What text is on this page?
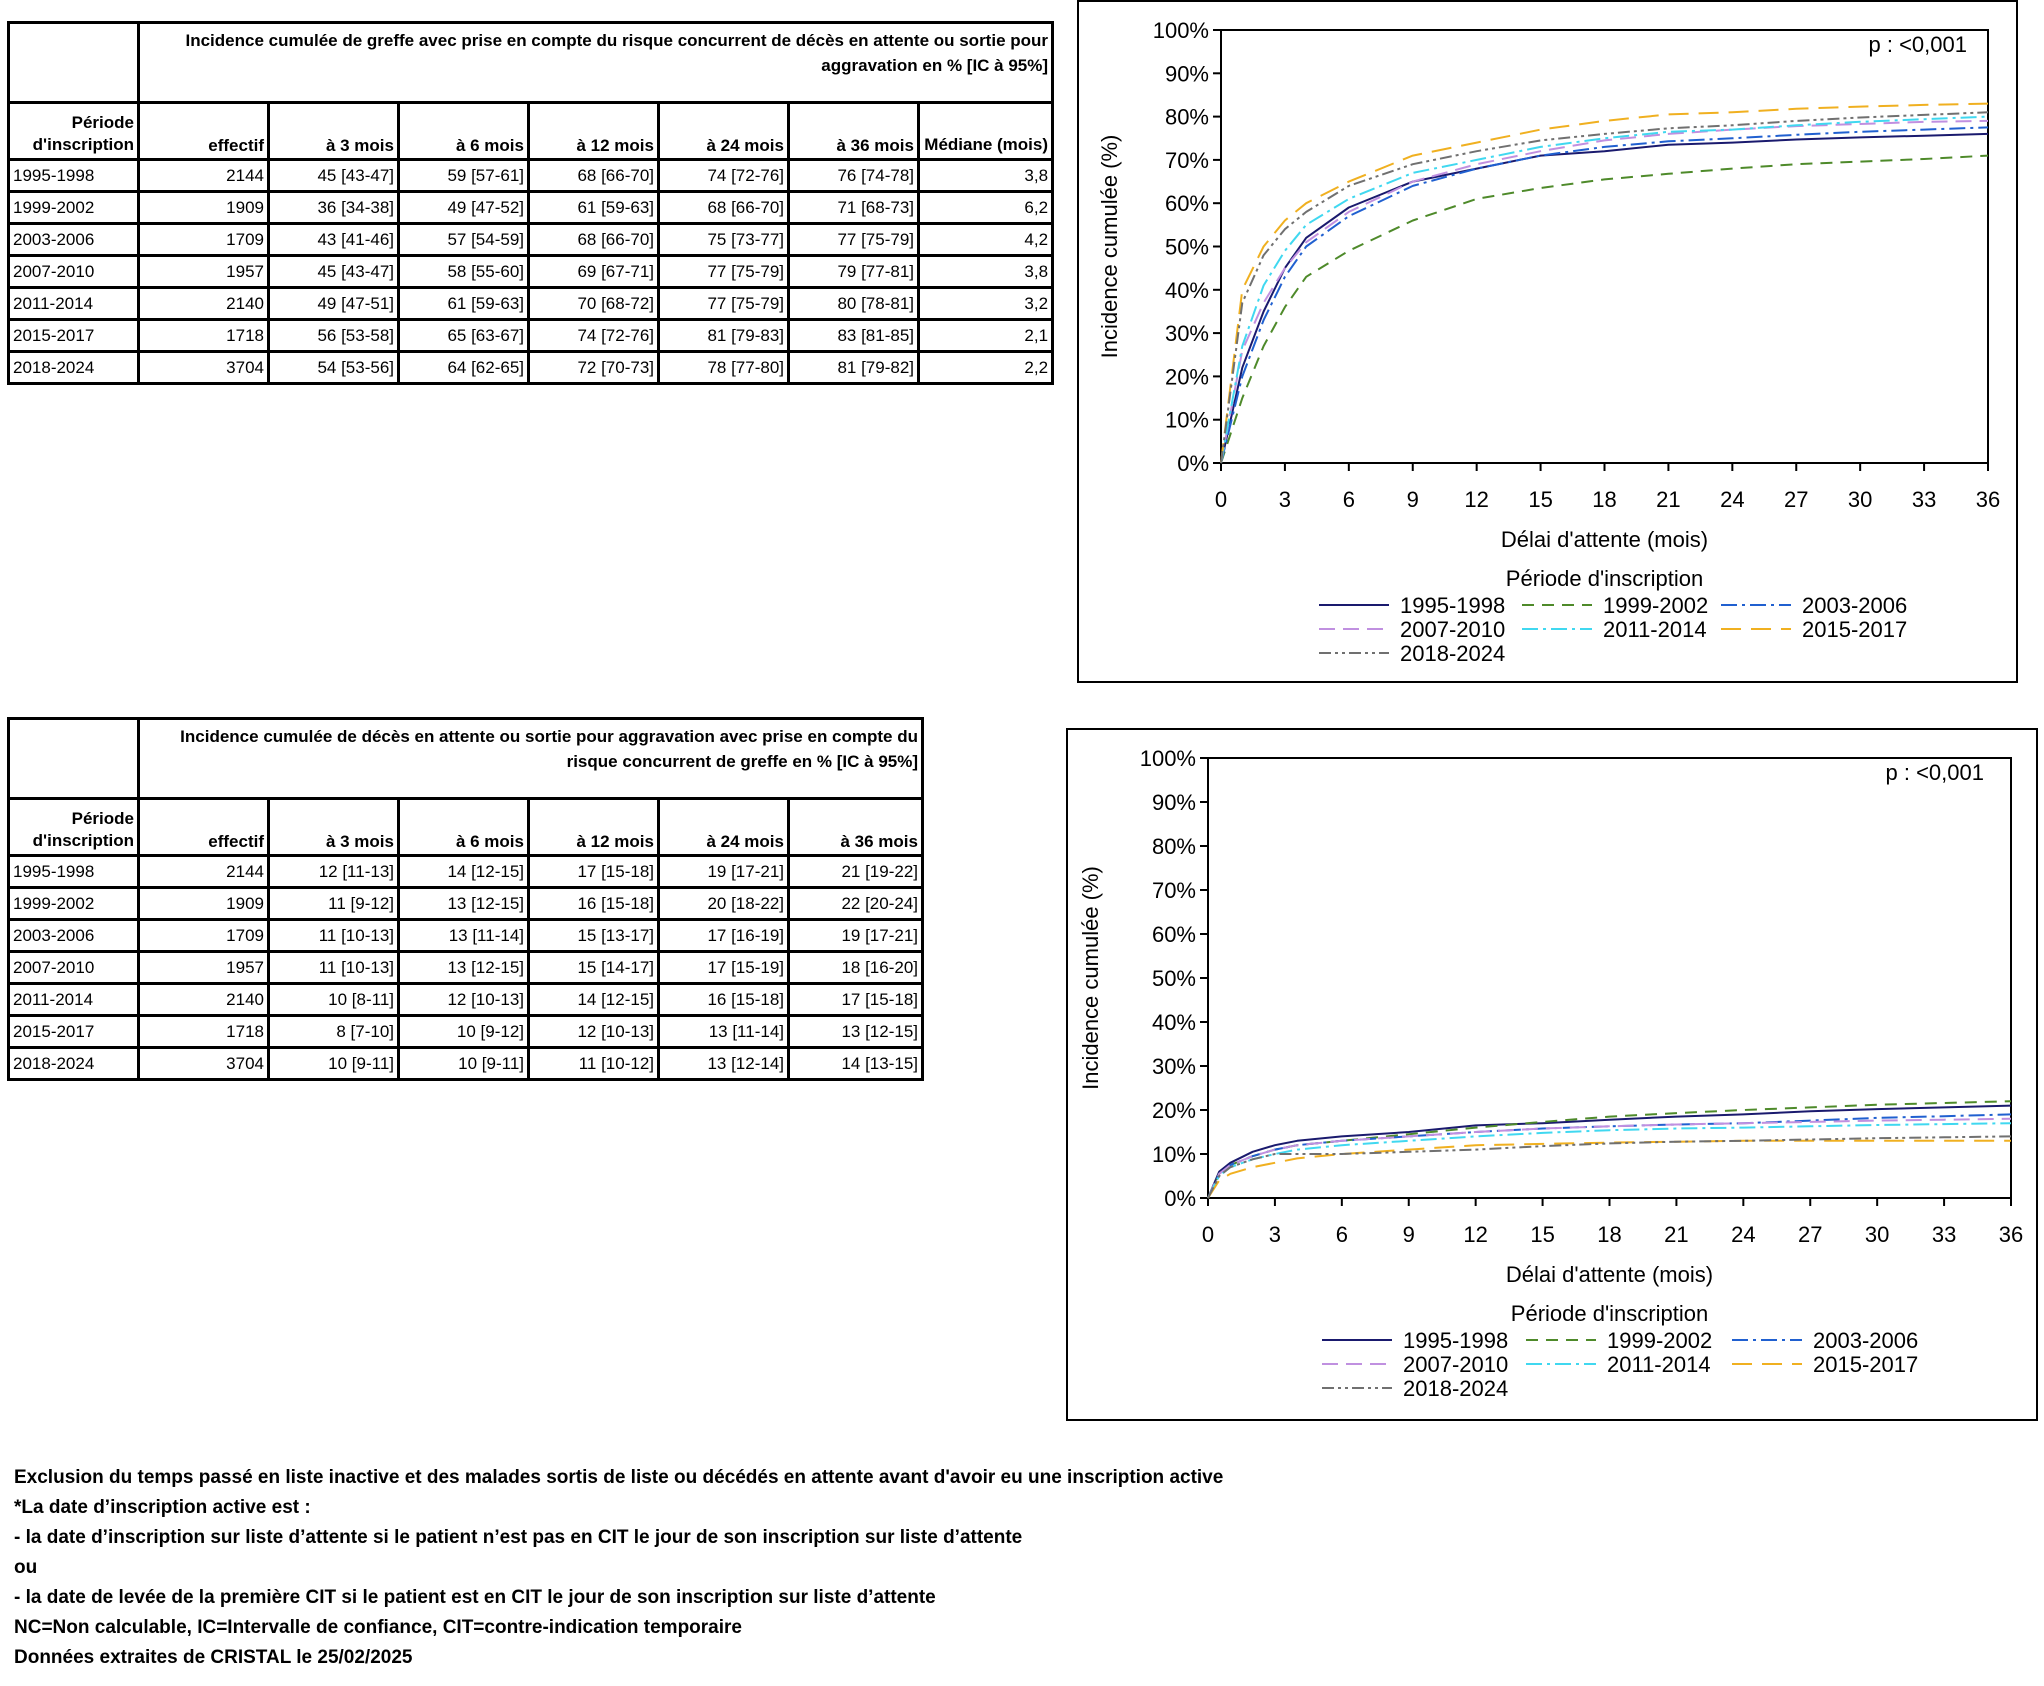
	Incidence cumulée de greffe avec prise en compte du risque concurrent de décès en attente ou sortie pour aggravation en % [IC à 95%]						
Période d'inscription	effectif	à 3 mois	à 6 mois	à 12 mois	à 24 mois	à 36 mois	Médiane (mois)
1995-1998	2144	45 [43-47]	59 [57-61]	68 [66-70]	74 [72-76]	76 [74-78]	3,8
1999-2002	1909	36 [34-38]	49 [47-52]	61 [59-63]	68 [66-70]	71 [68-73]	6,2
2003-2006	1709	43 [41-46]	57 [54-59]	68 [66-70]	75 [73-77]	77 [75-79]	4,2
2007-2010	1957	45 [43-47]	58 [55-60]	69 [67-71]	77 [75-79]	79 [77-81]	3,8
2011-2014	2140	49 [47-51]	61 [59-63]	70 [68-72]	77 [75-79]	80 [78-81]	3,2
2015-2017	1718	56 [53-58]	65 [63-67]	74 [72-76]	81 [79-83]	83 [81-85]	2,1
2018-2024	3704	54 [53-56]	64 [62-65]	72 [70-73]	78 [77-80]	81 [79-82]	2,2
	Incidence cumulée de décès en attente ou sortie pour aggravation avec prise en compte du risque concurrent de greffe en % [IC à 95%]					
Période d'inscription	effectif	à 3 mois	à 6 mois	à 12 mois	à 24 mois	à 36 mois
1995-1998	2144	12 [11-13]	14 [12-15]	17 [15-18]	19 [17-21]	21 [19-22]
1999-2002	1909	11 [9-12]	13 [12-15]	16 [15-18]	20 [18-22]	22 [20-24]
2003-2006	1709	11 [10-13]	13 [11-14]	15 [13-17]	17 [16-19]	19 [17-21]
2007-2010	1957	11 [10-13]	13 [12-15]	15 [14-17]	17 [15-19]	18 [16-20]
2011-2014	2140	10 [8-11]	12 [10-13]	14 [12-15]	16 [15-18]	17 [15-18]
2015-2017	1718	8 [7-10]	10 [9-12]	12 [10-13]	13 [11-14]	13 [12-15]
2018-2024	3704	10 [9-11]	10 [9-11]	11 [10-12]	13 [12-14]	14 [13-15]
0%
10%
20%
30%
40%
50%
60%
70%
80%
90%
100%
0 3 6 9 12 15 18 21 24 27 30 33 36
Délai d'attente (mois)
Incidence cumulée (%)
p : <0,001
Période d'inscription
1995-1998	1999-2002	2003-2006
2007-2010	2011-2014	2015-2017
2018-2024
0%
10%
20%
30%
40%
50%
60%
70%
80%
90%
100%
0 3 6 9 12 15 18 21 24 27 30 33 36
Délai d'attente (mois)
Incidence cumulée (%)
p : <0,001
Période d'inscription
1995-1998	1999-2002	2003-2006
2007-2010	2011-2014	2015-2017
2018-2024
Exclusion du temps passé en liste inactive et des malades sortis de liste ou décédés en attente avant d'avoir eu une inscription active
*La date d’inscription active est :
- la date d’inscription sur liste d’attente si le patient n’est pas en CIT le jour de son inscription sur liste d’attente
ou
- la date de levée de la première CIT si le patient est en CIT le jour de son inscription sur liste d’attente
NC=Non calculable, IC=Intervalle de confiance, CIT=contre-indication temporaire
Données extraites de CRISTAL le 25/02/2025
